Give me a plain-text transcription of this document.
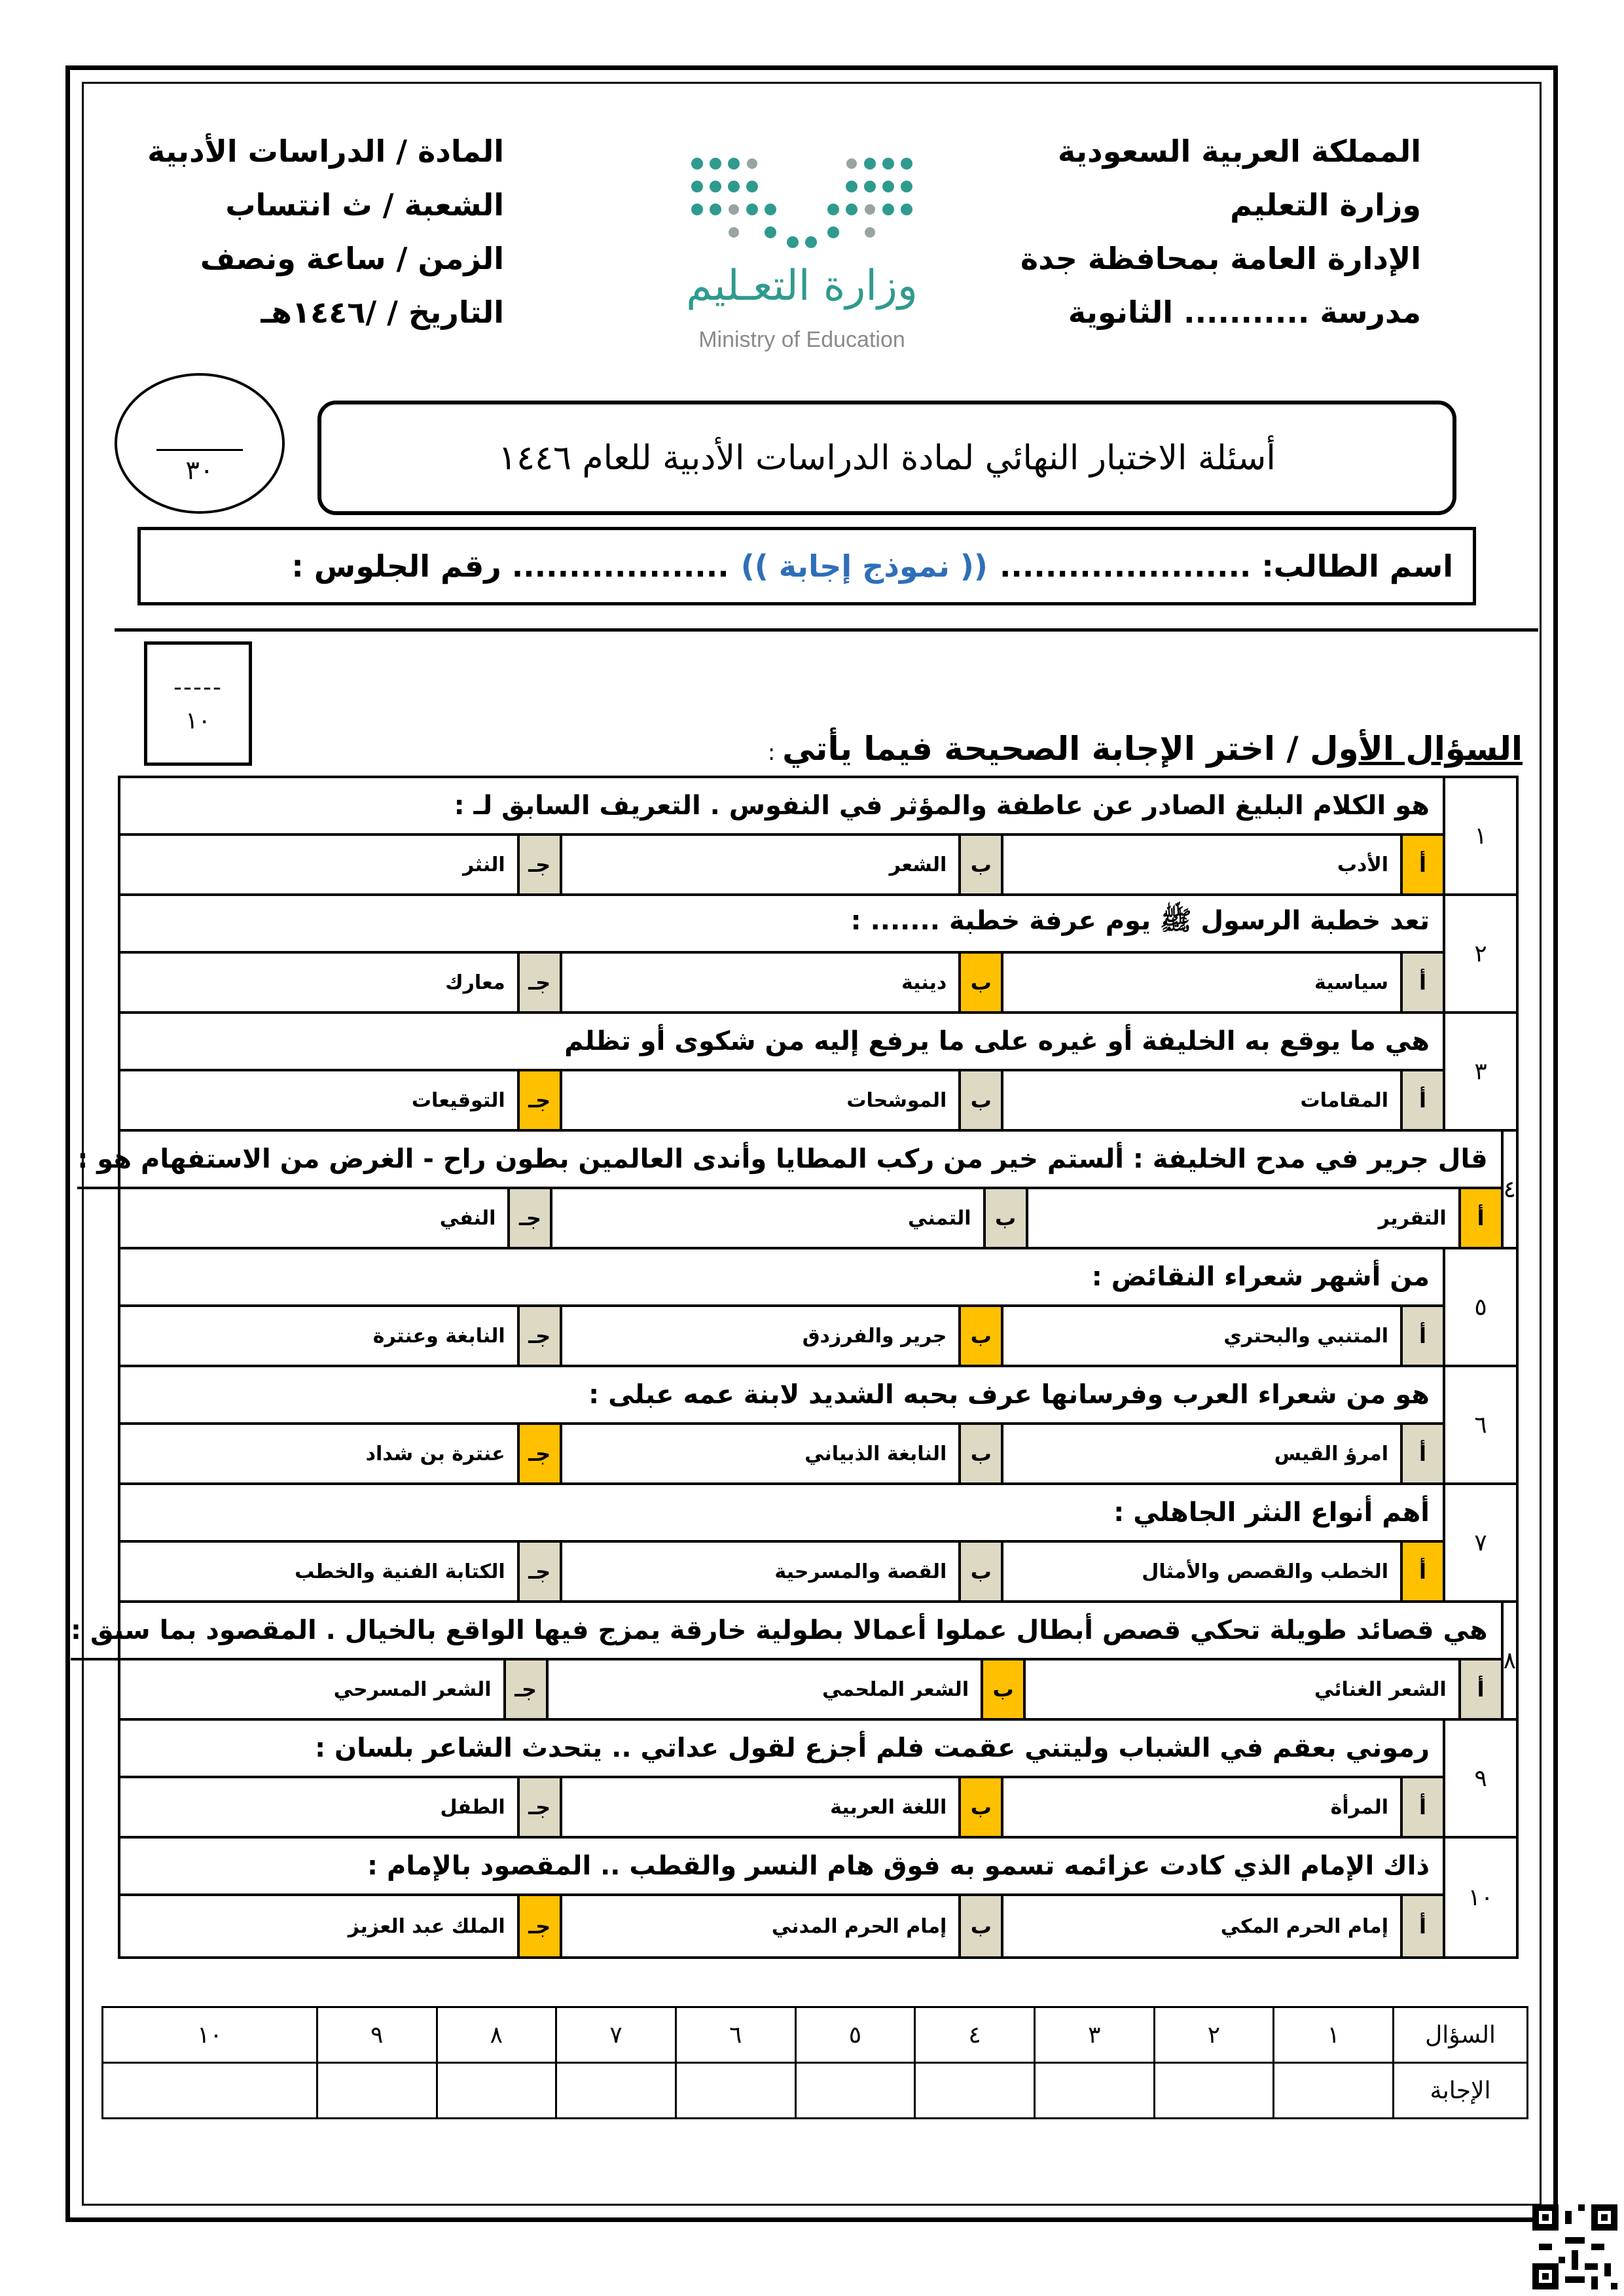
المملكة العربية السعودية
وزارة التعليم
الإدارة العامة بمحافظة جدة
مدرسة ........... الثانوية
المادة / الدراسات الأدبية
الشعبة / ث انتساب
الزمن / ساعة ونصف
التاريخ / /١٤٤٦هـ
وزارة التعـليم
Ministry of Education
٣٠	أسئلة الاختبار النهائي لمادة الدراسات الأدبية للعام ١٤٤٦
اسم الطالب: ......................
(( نموذج إجابة ))
................... رقم الجلوس :
-----
١٠
السؤال الأول / اختر الإجابة الصحيحة فيما يأتي :
١
هو الكلام البليغ الصادر عن عاطفة والمؤثر في النفوس . التعريف السابق لـ :
أ
الأدب
ب
الشعر
جـ
النثر
٢
تعد خطبة الرسول ﷺ يوم عرفة خطبة ....... :
أ
سياسية
ب
دينية
جـ
معارك
٣
هي ما يوقع به الخليفة أو غيره على ما يرفع إليه من شكوى أو تظلم
أ
المقامات
ب
الموشحات
جـ
التوقيعات
٤
قال جرير في مدح الخليفة : ألستم خير من ركب المطايا وأندى العالمين بطون راح - الغرض من الاستفهام هو :
أ
التقرير
ب
التمني
جـ
النفي
٥
من أشهر شعراء النقائض :
أ
المتنبي والبحتري
ب
جرير والفرزدق
جـ
النابغة وعنترة
٦
هو من شعراء العرب وفرسانها عرف بحبه الشديد لابنة عمه عبلى :
أ
امرؤ القيس
ب
النابغة الذبياني
جـ
عنترة بن شداد
٧
أهم أنواع النثر الجاهلي :
أ
الخطب والقصص والأمثال
ب
القصة والمسرحية
جـ
الكتابة الفنية والخطب
٨
هي قصائد طويلة تحكي قصص أبطال عملوا أعمالا بطولية خارقة يمزج فيها الواقع بالخيال . المقصود بما سبق :
أ
الشعر الغنائي
ب
الشعر الملحمي
جـ
الشعر المسرحي
٩
رموني بعقم في الشباب وليتني عقمت فلم أجزع لقول عداتي .. يتحدث الشاعر بلسان :
أ
المرأة
ب
اللغة العربية
جـ
الطفل
١٠
ذاك الإمام الذي كادت عزائمه تسمو به فوق هام النسر والقطب .. المقصود بالإمام :
أ
إمام الحرم المكي
ب
إمام الحرم المدني
جـ
الملك عبد العزيز
السؤال	١	٢	٣	٤	٥	٦	٧	٨	٩	١٠
الإجابة										
